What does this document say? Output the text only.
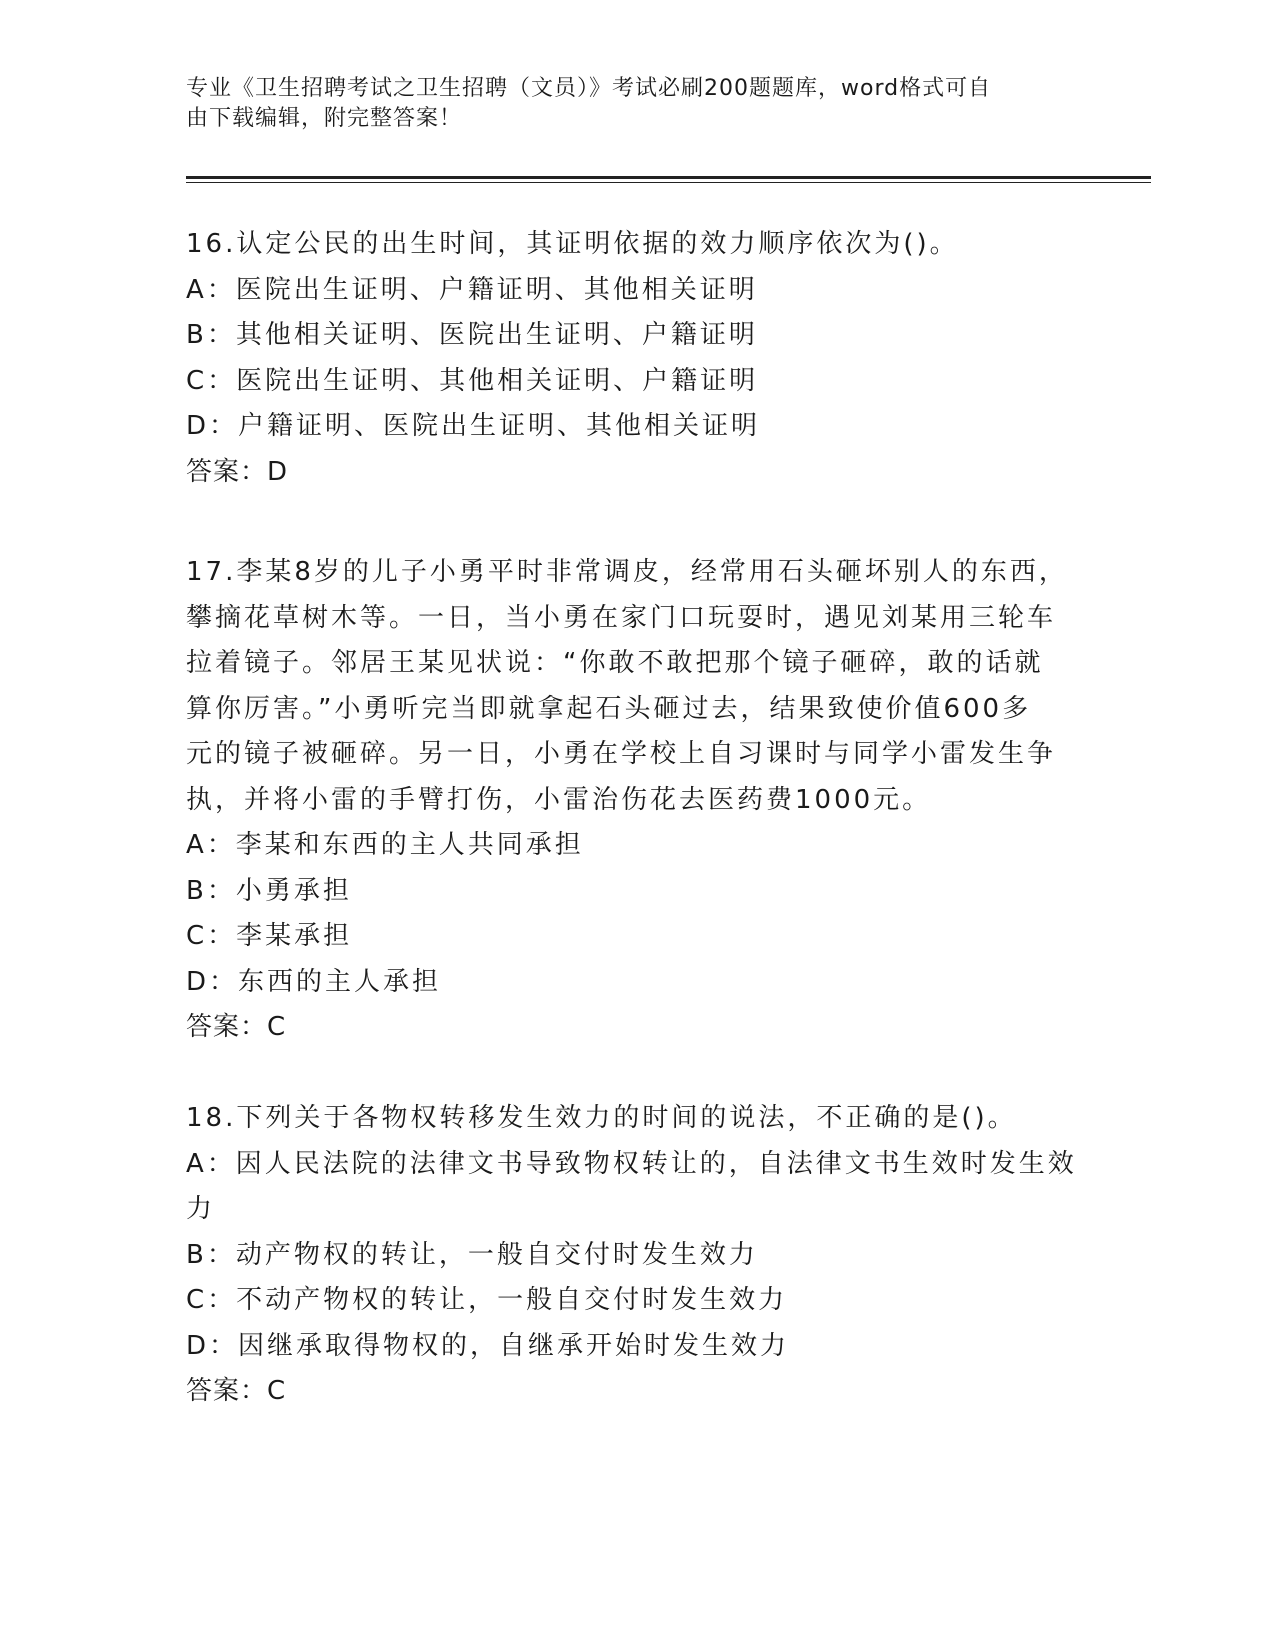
专业《卫生招聘考试之卫生招聘（文员）》考试必刷200题题库，word格式可自
由下载编辑，附完整答案！
16.认定公民的出生时间，其证明依据的效力顺序依次为()。
A：医院出生证明、户籍证明、其他相关证明
B：其他相关证明、医院出生证明、户籍证明
C：医院出生证明、其他相关证明、户籍证明
D：户籍证明、医院出生证明、其他相关证明
答案：D
17.李某8岁的儿子小勇平时非常调皮，经常用石头砸坏别人的东西，
攀摘花草树木等。一日，当小勇在家门口玩耍时，遇见刘某用三轮车
拉着镜子。邻居王某见状说：“你敢不敢把那个镜子砸碎，敢的话就
算你厉害。”小勇听完当即就拿起石头砸过去，结果致使价值600多
元的镜子被砸碎。另一日，小勇在学校上自习课时与同学小雷发生争
执，并将小雷的手臂打伤，小雷治伤花去医药费1000元。
A：李某和东西的主人共同承担
B：小勇承担
C：李某承担
D：东西的主人承担
答案：C
18.下列关于各物权转移发生效力的时间的说法，不正确的是()。
A：因人民法院的法律文书导致物权转让的，自法律文书生效时发生效
力
B：动产物权的转让，一般自交付时发生效力
C：不动产物权的转让，一般自交付时发生效力
D：因继承取得物权的，自继承开始时发生效力
答案：C
